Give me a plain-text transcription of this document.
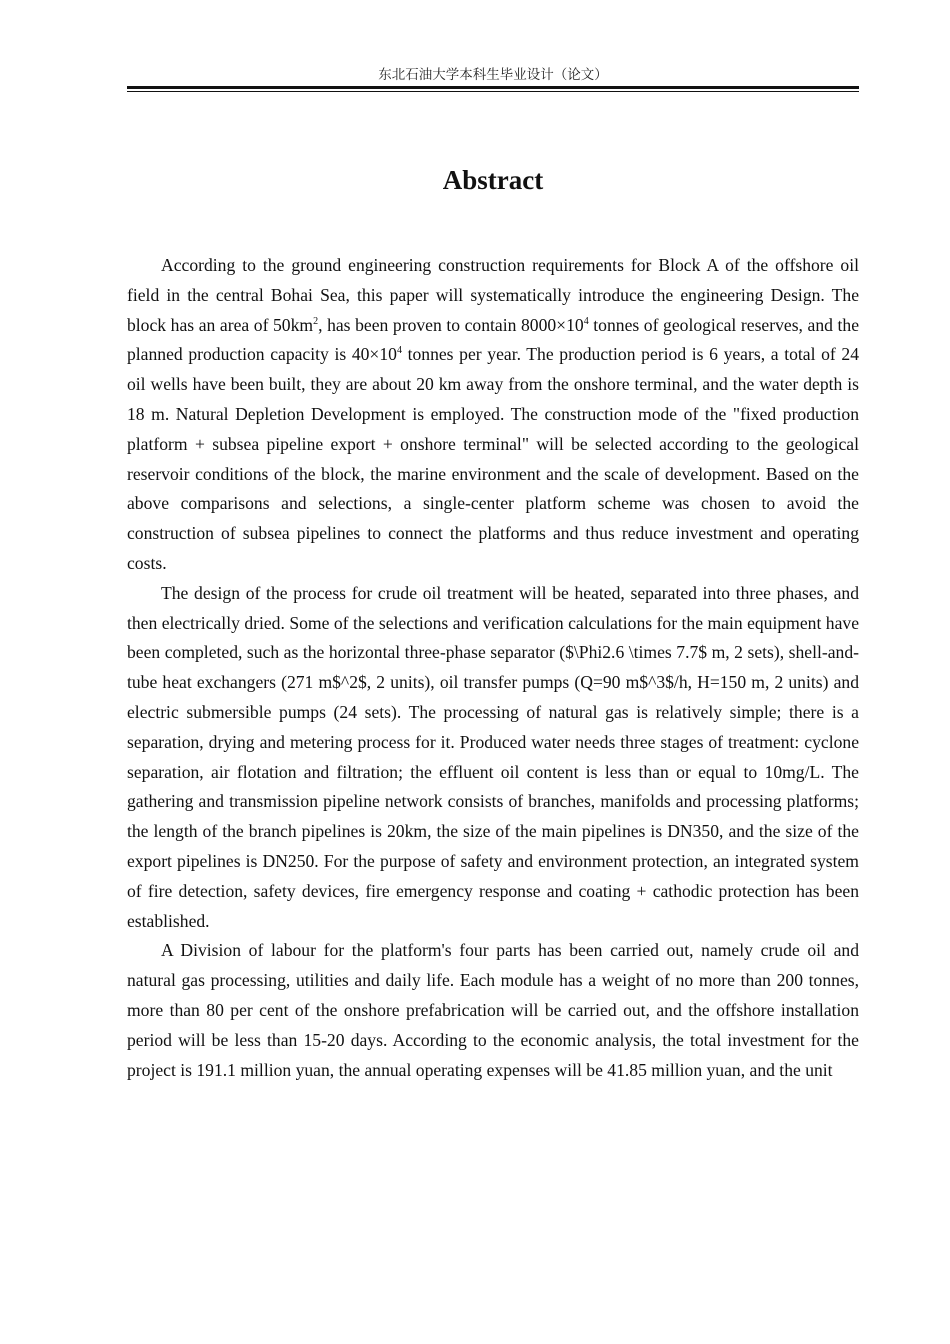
东北石油大学本科生毕业设计（论文）
Abstract

According to the ground engineering construction requirements for Block A of the offshore oil field in the central Bohai Sea, this paper will systematically introduce the engineering Design. The block has an area of $50km^2$, has been proven to contain $8000\times 10^4$ tonnes of geological reserves, and the planned production capacity is $40\times 10^4$ tonnes per year. The production period is 6 years, a total of 24 oil wells have been built, they are about 20 km away from the onshore terminal, and the water depth is 18 m. Natural Depletion Development is employed. The construction mode of the "fixed production platform + subsea pipeline export + onshore terminal" will be selected according to the geological reservoir conditions of the block, the marine environment and the scale of development. Based on the above comparisons and selections, a single-center platform scheme was chosen to avoid the construction of subsea pipelines to connect the platforms and thus reduce investment and operating costs.

The design of the process for crude oil treatment will be heated, separated into three phases, and then electrically dried. Some of the selections and verification calculations for the main equipment have been completed, such as the horizontal three-phase separator ($\Phi2.6 \times 7.7$ m, 2 sets), shell-and-tube heat exchangers (271 m$^2$, 2 units), oil transfer pumps (Q=90 m$^3$/h, H=150 m, 2 units) and electric submersible pumps (24 sets). The processing of natural gas is relatively simple; there is a separation, drying and metering process for it. Produced water needs three stages of treatment: cyclone separation, air flotation and filtration; the effluent oil content is less than or equal to 10mg/L. The gathering and transmission pipeline network consists of branches, manifolds and processing platforms; the length of the branch pipelines is 20km, the size of the main pipelines is DN350, and the size of the export pipelines is DN250. For the purpose of safety and environment protection, an integrated system of fire detection, safety devices, fire emergency response and coating + cathodic protection has been established.

A Division of labour for the platform's four parts has been carried out, namely crude oil and natural gas processing, utilities and daily life. Each module has a weight of no more than 200 tonnes, more than 80 per cent of the onshore prefabrication will be carried out, and the offshore installation period will be less than 15-20 days. According to the economic analysis, the total investment for the project is 191.1 million yuan, the annual operating expenses will be 41.85 million yuan, and the unit
